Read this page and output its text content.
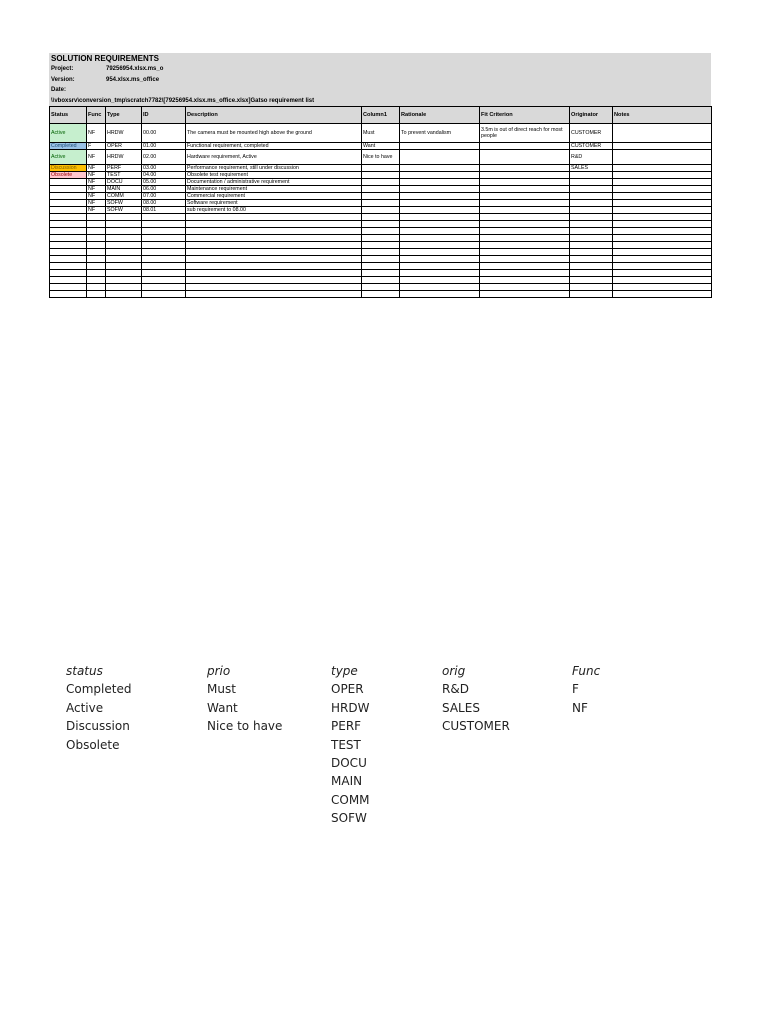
SOLUTION REQUIREMENTS
Project:	79256954.xlsx.ms_o
Version:	954.xlsx.ms_office
Date:
\\vboxsrv\conversion_tmp\scratch7782\[79256954.xlsx.ms_office.xlsx]Gatso requirement list
Status	Func	Type	ID	Description	Column1	Rationale	Fit Criterion	Originator	Notes
Active	NF	HRDW	00.00	The camera must be mounted high above the ground	Must	To prevent vandalism	3.5m is out of direct reach for most people	CUSTOMER	
Completed	F	OPER	01.00	Functional requirement, completed	Want			CUSTOMER	
Active	NF	HRDW	02.00	Hardware requirement, Active	Nice to have			R&D	
Discussion	NF	PERF	03.00	Performance requirement, still under discussion				SALES	
Obsolete	NF	TEST	04.00	Obsolete test requirement					
	NF	DOCU	05.00	Documentation / administrative requirement					
	NF	MAIN	06.00	Maintenance requirement					
	NF	COMM	07.00	Commercial requirement					
	NF	SOFW	08.00	Software requirement					
	NF	SOFW	08.01	sub requirement to 08.00					

status
Completed
Active
Discussion
Obsolete
prio
Must
Want
Nice to have
type
OPER
HRDW
PERF
TEST
DOCU
MAIN
COMM
SOFW
orig
R&D
SALES
CUSTOMER
Func
F
NF
